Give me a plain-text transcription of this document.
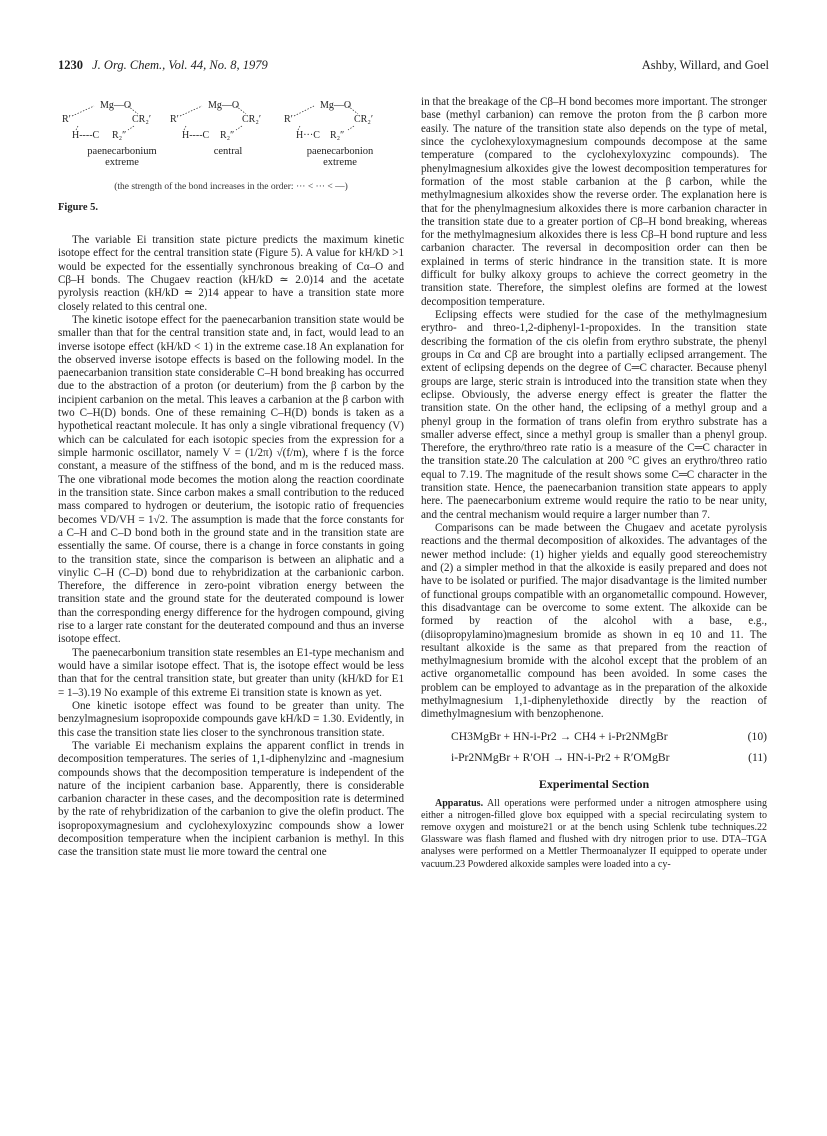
1230 J. Org. Chem., Vol. 44, No. 8, 1979	Ashby, Willard, and Goel
Mg—O
R′	CR₂′
H----C R₂″
Mg—O
R′	CR₂′
H----C R₂″
Mg—O
R′	CR₂′
H···C R₂″
paenecarbonium
extreme
central	paenecarbonion
extreme
(the strength of the bond increases in the order: ··· < ··· < —)
Figure 5.

The variable Ei transition state picture predicts the maximum kinetic isotope effect for the central transition state (Figure 5). A value for kH/kD >1 would be expected for the essentially synchronous breaking of Cα–O and Cβ–H bonds. The Chugaev reaction (kH/kD ≃ 2.0)14 and the acetate pyrolysis reaction (kH/kD ≃ 2)14 appear to have a transition state more closely related to this central one.

The kinetic isotope effect for the paenecarbanion transition state would be smaller than that for the central transition state and, in fact, would lead to an inverse isotope effect (kH/kD < 1) in the extreme case.18 An explanation for the observed inverse isotope effects is based on the following model. In the paenecarbanion transition state considerable C–H bond breaking has occurred due to the abstraction of a proton (or deuterium) from the β carbon by the incipient carbanion on the metal. This leaves a carbanion at the β carbon with two C–H(D) bonds. One of these remaining C–H(D) bonds is taken as a hypothetical reactant molecule. It has only a single vibrational frequency (V) which can be calculated for each isotopic species from the expression for a simple harmonic oscillator, namely V = (1/2π) √(f/m), where f is the force constant, a measure of the stiffness of the bond, and m is the reduced mass. The one vibrational mode becomes the motion along the reaction coordinate in the transition state. Since carbon makes a small contribution to the reduced mass compared to hydrogen or deuterium, the isotopic ratio of frequencies becomes VD/VH = 1√2. The assumption is made that the force constants for a C–H and C–D bond both in the ground state and in the transition state are essentially the same. Of course, there is a change in force constants in going to the transition state, since the comparison is between an aliphatic and a vinylic C–H (C–D) bond due to rehybridization at the carbanionic carbon. Therefore, the difference in zero-point vibration energy between the transition state and the ground state for the deuterated compound is lower than the corresponding energy difference for the hydrogen compound, giving rise to a larger rate constant for the deuterated compound and thus an inverse isotope effect.

The paenecarbonium transition state resembles an E1-type mechanism and would have a similar isotope effect. That is, the isotope effect would be less than that for the central transition state, but greater than unity (kH/kD for E1 = 1–3).19 No example of this extreme Ei transition state is known as yet.

One kinetic isotope effect was found to be greater than unity. The benzylmagnesium isopropoxide compounds gave kH/kD = 1.30. Evidently, in this case the transition state lies closer to the synchronous transition state.

The variable Ei mechanism explains the apparent conflict in trends in decomposition temperatures. The series of 1,1-diphenylzinc and -magnesium compounds shows that the decomposition temperature is independent of the nature of the incipient carbanion base. Apparently, there is considerable carbanion character in these cases, and the decomposition rate is determined by the rate of rehybridization of the carbanion to give the olefin product. The isopropoxymagnesium and cyclohexyloxyzinc compounds show a lower decomposition temperature when the incipient carbanion is methyl. In this case the transition state must lie more toward the central one

in that the breakage of the Cβ–H bond becomes more important. The stronger base (methyl carbanion) can remove the proton from the β carbon more easily. The nature of the transition state also depends on the type of metal, since the cyclohexyloxymagnesium compounds decompose at the same temperature (compared to the cyclohexyloxyzinc compounds). The phenylmagnesium alkoxides give the lowest decomposition temperatures for formation of the most stable carbanion at the β carbon, while the methylmagnesium alkoxides show the reverse order. The explanation here is that for the phenylmagnesium alkoxides there is more carbanion character in the transition state due to a greater portion of Cβ–H bond breaking, whereas for the methylmagnesium alkoxides there is less Cβ–H bond rupture and less carbanion character. The reversal in decomposition order can then be explained in terms of steric hindrance in the transition state. It is more difficult for bulky alkoxy groups to achieve the correct geometry in the transition state. Therefore, the simplest olefins are formed at the lowest decomposition temperature.

Eclipsing effects were studied for the case of the methylmagnesium erythro- and threo-1,2-diphenyl-1-propoxides. In the transition state describing the formation of the cis olefin from erythro substrate, the phenyl groups in Cα and Cβ are brought into a partially eclipsed arrangement. The extent of eclipsing depends on the degree of C═C character. Because phenyl groups are large, steric strain is introduced into the transition state when they eclipse. Obviously, the adverse energy effect is greater the flatter the transition state. On the other hand, the eclipsing of a methyl group and a phenyl group in the formation of trans olefin from erythro substrate has a smaller adverse effect, since a methyl group is smaller than a phenyl group. Therefore, the erythro/threo rate ratio is a measure of the C═C character in the transition state.20 The calculation at 200 °C gives an erythro/threo ratio equal to 7.19. The magnitude of the result shows some C═C character in the transition state. Hence, the paenecarbanion transition state appears to apply here. The paenecarbonium extreme would require the ratio to be near unity, and the central mechanism would require a larger number than 7.

Comparisons can be made between the Chugaev and acetate pyrolysis reactions and the thermal decomposition of alkoxides. The advantages of the newer method include: (1) higher yields and equally good stereochemistry and (2) a simpler method in that the alkoxide is easily prepared and does not have to be isolated or purified. The major disadvantage is the limited number of functional groups compatible with an organometallic compound. However, this disadvantage can be overcome to some extent. The alkoxide can be formed by reaction of the alcohol with a base, e.g., (diisopropylamino)magnesium bromide as shown in eq 10 and 11. The resultant alkoxide is the same as that prepared from the reaction of methylmagnesium bromide with the alcohol except that the problem of an active organometallic compound has been avoided. In some cases the problem can be employed to advantage as in the preparation of the alkoxide methylmagnesium 1,1-diphenylethoxide directly by the reaction of dimethylmagnesium with benzophenone.

CH3MgBr + HN-i-Pr2 → CH4 + i-Pr2NMgBr	(10)
i-Pr2NMgBr + R′OH → HN-i-Pr2 + R′OMgBr	(11)
Experimental Section

Apparatus. All operations were performed under a nitrogen atmosphere using either a nitrogen-filled glove box equipped with a special recirculating system to remove oxygen and moisture21 or at the bench using Schlenk tube techniques.22 Glassware was flash flamed and flushed with dry nitrogen prior to use. DTA–TGA analyses were performed on a Mettler Thermoanalyzer II equipped to operate under vacuum.23 Powdered alkoxide samples were loaded into a cy-
